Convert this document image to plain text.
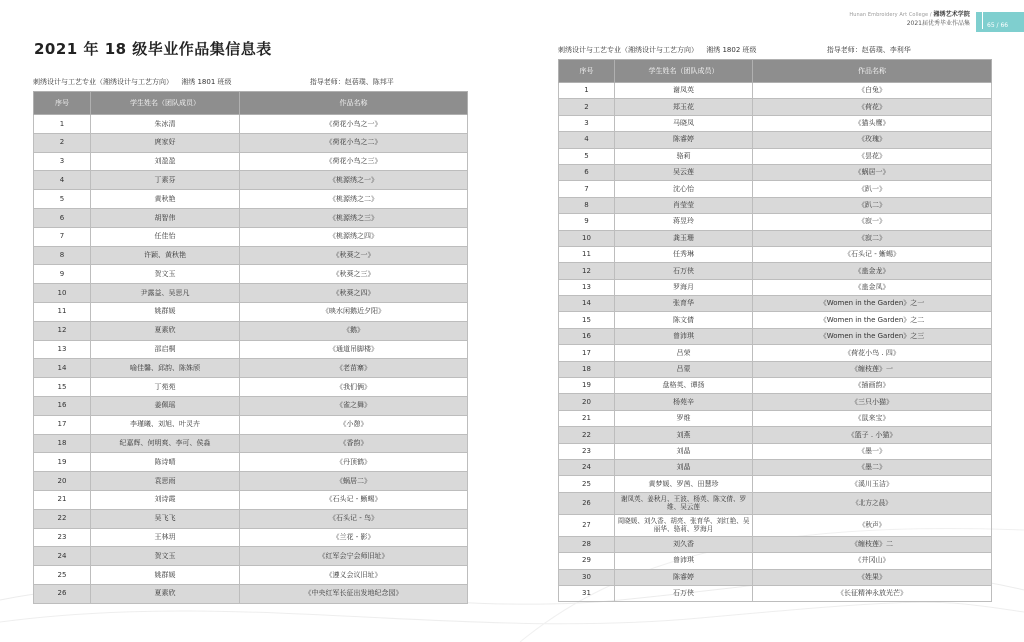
Hunan Embroidery Art College / 湘绣艺术学院
2021届优秀毕业作品集	65 / 66
2021 年 18 级毕业作品集信息表
刺绣设计与工艺专业（湘绣设计与工艺方向） 湘绣 1801 班级	指导老师：赵蓓璞、陈邦平
序号	学生姓名（团队成员）	作品名称
1	朱冰清	《荷花小鸟之一》
2	庹家好	《荷花小鸟之二》
3	刘盈盈	《荷花小鸟之三》
4	丁素芬	《桃源绣之一》
5	黄秋艳	《桃源绣之二》
6	胡智伟	《桃源绣之三》
7	任佳怡	《桃源绣之四》
8	许颖、黄秋艳	《秋葵之一》
9	贺文玉	《秋葵之三》
10	尹露益、吴思凡	《秋葵之四》
11	姚群媛	《映水闲鹅近夕阳》
12	夏素欣	《鹅》
13	邵启桐	《通道吊脚楼》
14	喻佳馨、邱韵、陈姝颀	《老苗寨》
15	丁苑苑	《我们俩》
16	姜佩瑶	《雀之舞》
17	李瑾曦、刘旭、叶灵卉	《小憩》
18	纪嘉辉、何明爽、李可、侯淼	《香韵》
19	陈诗晴	《丹顶鹤》
20	袁思雨	《蜗居二》
21	刘诗霞	《石头记 - 蜥蜴》
22	吴飞飞	《石头记 - 鸟》
23	王林玥	《兰花 - 影》
24	贺文玉	《红军会宁会师旧址》
25	姚群媛	《遵义会议旧址》
26	夏素欣	《中央红军长征出发地纪念园》
刺绣设计与工艺专业（湘绣设计与工艺方向） 湘绣 1802 班级	指导老师：赵蓓璞、李利华
序号	学生姓名（团队成员）	作品名称
1	谢凤英	《白兔》
2	郑玉花	《荷花》
3	马晓凤	《猫头鹰》
4	陈睿婷	《玫瑰》
5	骆莉	《昙花》
6	吴云莲	《蜗居一》
7	沈心怡	《趴一》
8	肖莹莹	《趴二》
9	蒋昱玲	《寂一》
10	龚玉珊	《寂二》
11	任秀琳	《石头记 - 蜥蜴》
12	石万侠	《蛊金龙》
13	罗海月	《蛊金凤》
14	张育华	《Women in the Garden》之一
15	陈文倩	《Women in the Garden》之二
16	曾沛琪	《Women in the Garden》之三
17	吕荣	《荷花小鸟 . 四》
18	吕蒙	《缠枝莲》一
19	盘格英、谭扬	《插画韵》
20	杨苑辛	《三只小猫》
21	罗维	《鼠来宝》
22	刘燕	《篮子 . 小猫》
23	刘晶	《墨一》
24	刘晶	《墨二》
25	黄梦媛、罗茜、田慧珍	《溪川玉洁》
26	谢凤英、姜秋月、王波、杨英、陈文倩、罗维、吴云莲	《北方之晨》
27	周晓媛、刘久香、胡亮、张育华、刘红艳、吴丽华、骆莉、罗海月	《秋声》
28	刘久香	《缠枝莲》二
29	曾沛琪	《井冈山》
30	陈睿婷	《姓果》
31	石万侠	《长征精神永放光芒》
